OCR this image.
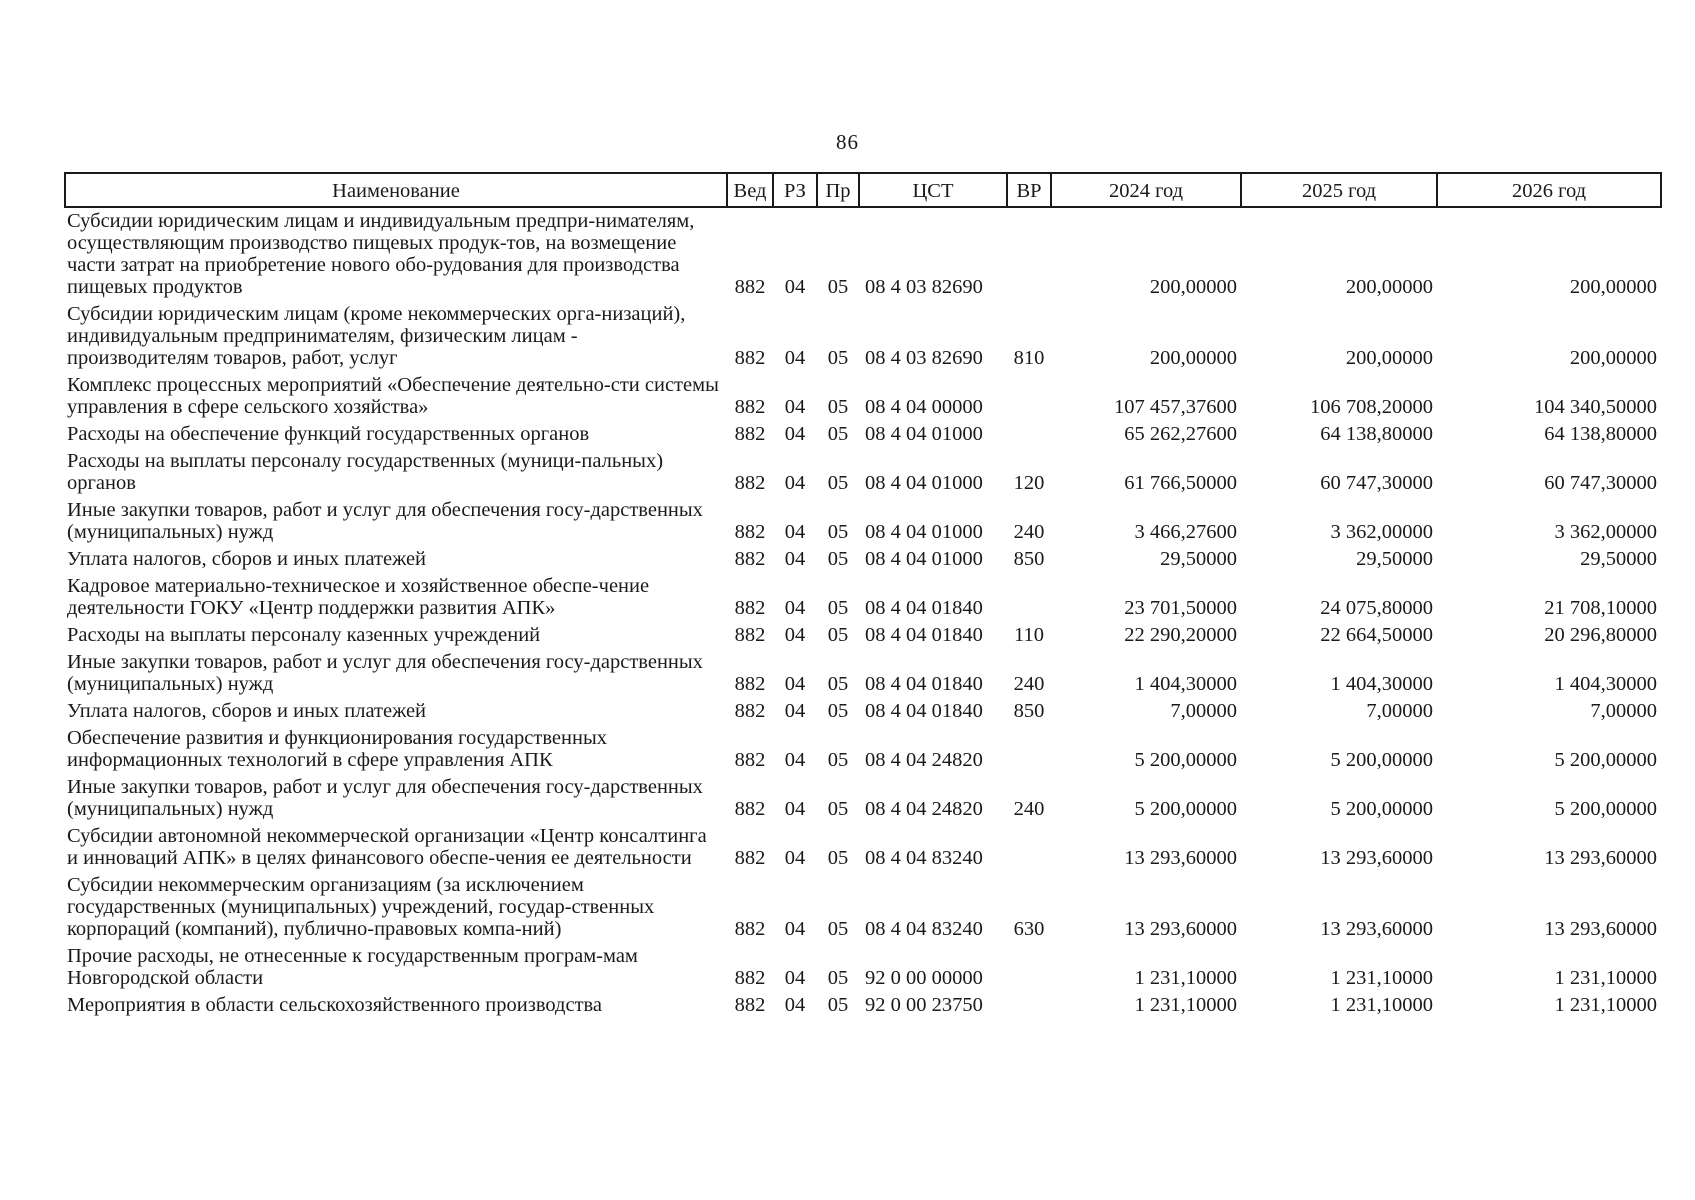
86
Наименование	Вед	РЗ	Пр	ЦСТ	ВР	2024 год	2025 год	2026 год
Субсидии юридическим лицам и индивидуальным предпри-нимателям, осуществляющим производство пищевых продук-тов, на возмещение части затрат на приобретение нового обо-рудования для производства пищевых продуктов	882	04	05	08 4 03 82690		200,00000	200,00000	200,00000
Субсидии юридическим лицам (кроме некоммерческих орга-низаций), индивидуальным предпринимателям, физическим лицам - производителям товаров, работ, услуг	882	04	05	08 4 03 82690	810	200,00000	200,00000	200,00000
Комплекс процессных мероприятий «Обеспечение деятельно-сти системы управления в сфере сельского хозяйства»	882	04	05	08 4 04 00000		107 457,37600	106 708,20000	104 340,50000
Расходы на обеспечение функций государственных органов	882	04	05	08 4 04 01000		65 262,27600	64 138,80000	64 138,80000
Расходы на выплаты персоналу государственных (муници-пальных) органов	882	04	05	08 4 04 01000	120	61 766,50000	60 747,30000	60 747,30000
Иные закупки товаров, работ и услуг для обеспечения госу-дарственных (муниципальных) нужд	882	04	05	08 4 04 01000	240	3 466,27600	3 362,00000	3 362,00000
Уплата налогов, сборов и иных платежей	882	04	05	08 4 04 01000	850	29,50000	29,50000	29,50000
Кадровое материально-техническое и хозяйственное обеспе-чение деятельности ГОКУ «Центр поддержки развития АПК»	882	04	05	08 4 04 01840		23 701,50000	24 075,80000	21 708,10000
Расходы на выплаты персоналу казенных учреждений	882	04	05	08 4 04 01840	110	22 290,20000	22 664,50000	20 296,80000
Иные закупки товаров, работ и услуг для обеспечения госу-дарственных (муниципальных) нужд	882	04	05	08 4 04 01840	240	1 404,30000	1 404,30000	1 404,30000
Уплата налогов, сборов и иных платежей	882	04	05	08 4 04 01840	850	7,00000	7,00000	7,00000
Обеспечение развития и функционирования государственных информационных технологий в сфере управления АПК	882	04	05	08 4 04 24820		5 200,00000	5 200,00000	5 200,00000
Иные закупки товаров, работ и услуг для обеспечения госу-дарственных (муниципальных) нужд	882	04	05	08 4 04 24820	240	5 200,00000	5 200,00000	5 200,00000
Субсидии автономной некоммерческой организации «Центр консалтинга и инноваций АПК» в целях финансового обеспе-чения ее деятельности	882	04	05	08 4 04 83240		13 293,60000	13 293,60000	13 293,60000
Субсидии некоммерческим организациям (за исключением государственных (муниципальных) учреждений, государ-ственных корпораций (компаний), публично-правовых компа-ний)	882	04	05	08 4 04 83240	630	13 293,60000	13 293,60000	13 293,60000
Прочие расходы, не отнесенные к государственным програм-мам Новгородской области	882	04	05	92 0 00 00000		1 231,10000	1 231,10000	1 231,10000
Мероприятия в области сельскохозяйственного производства	882	04	05	92 0 00 23750		1 231,10000	1 231,10000	1 231,10000
